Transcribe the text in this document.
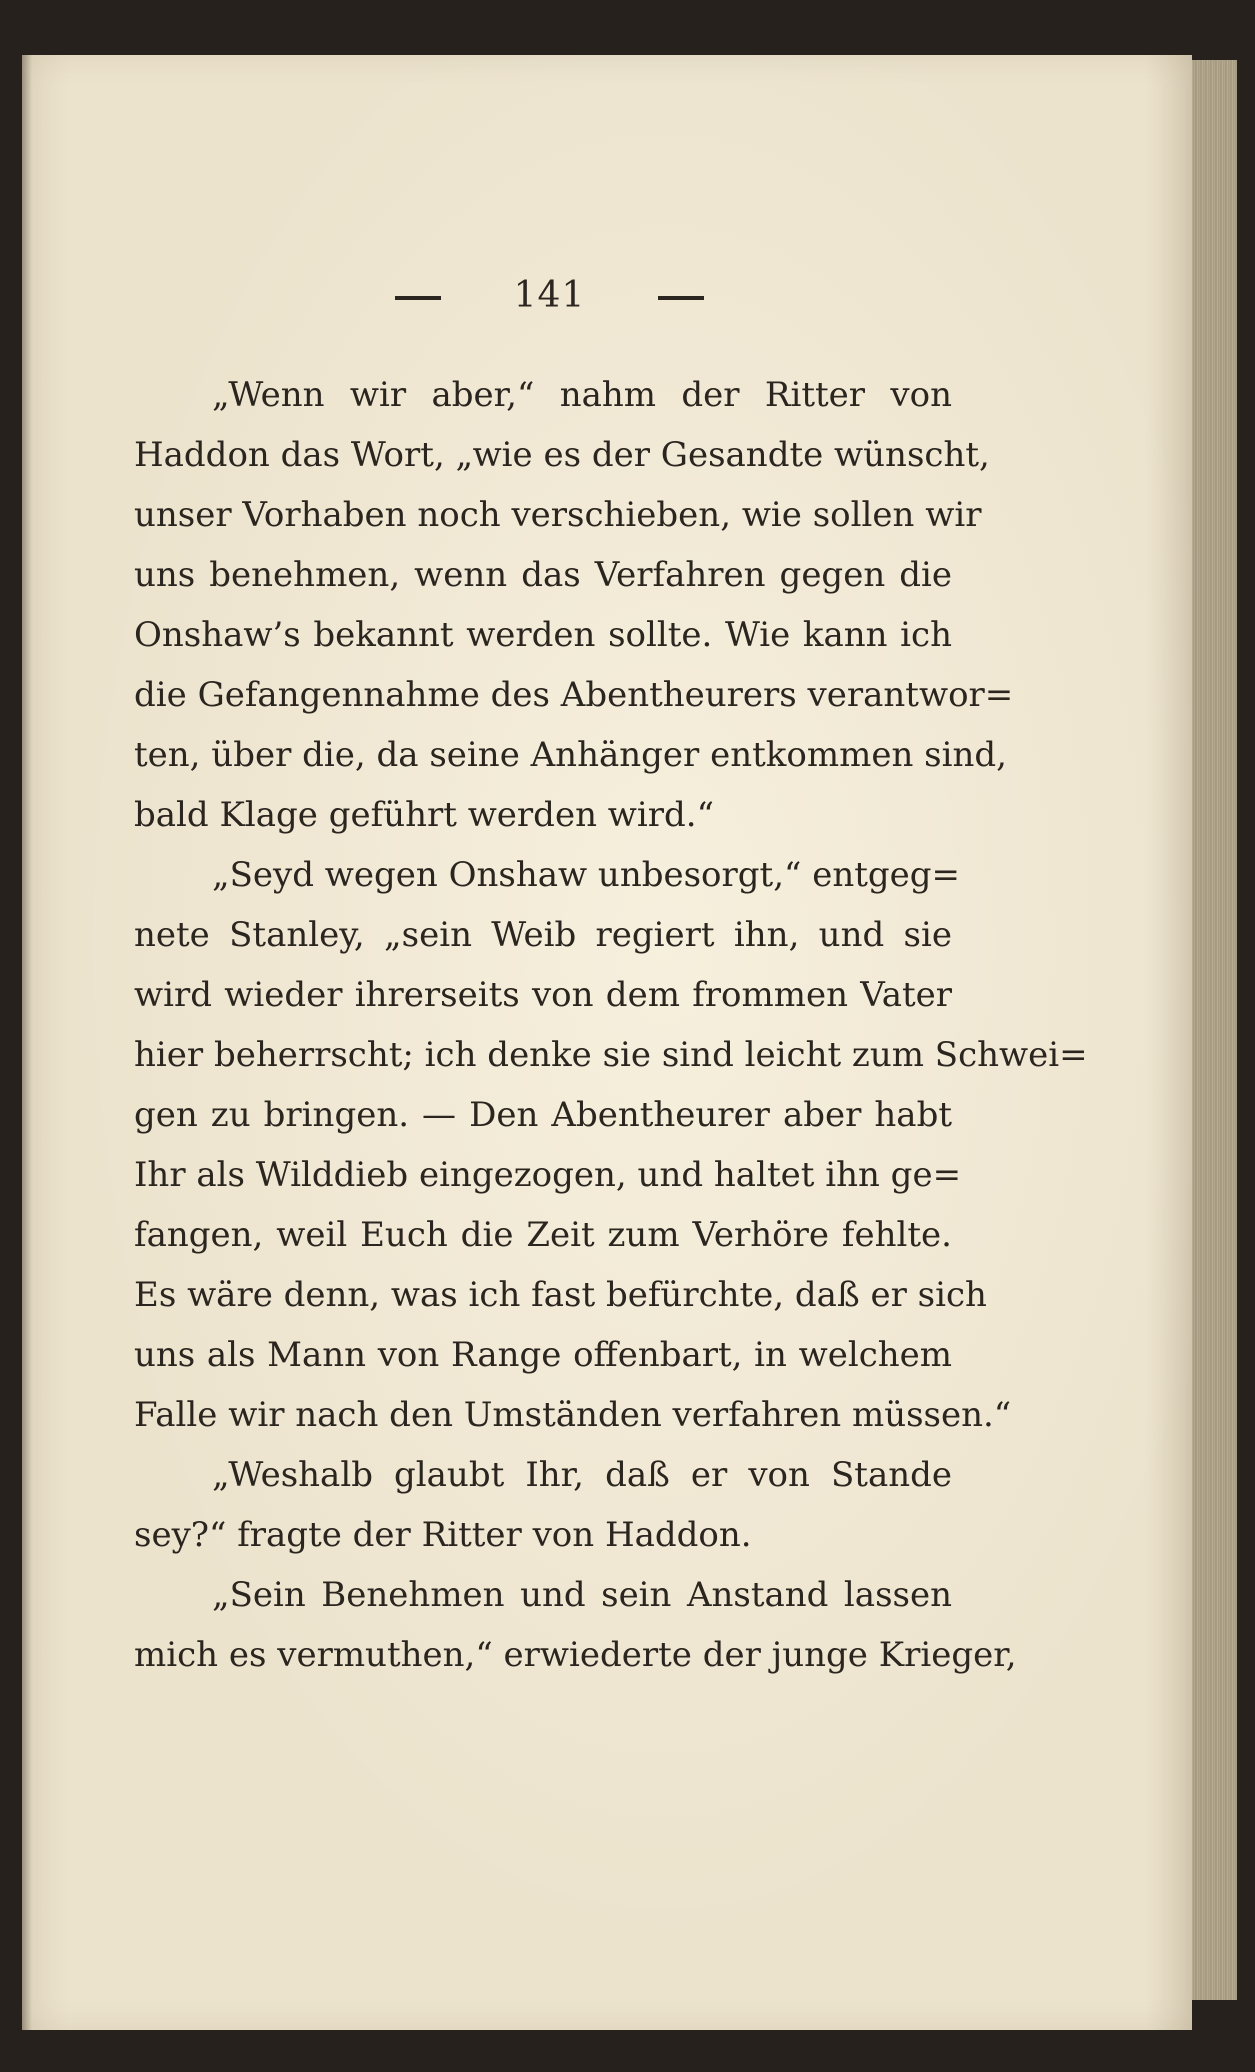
141
„Wenn wir aber,“ nahm der Ritter von
Haddon das Wort, „wie es der Gesandte wünscht,
unser Vorhaben noch verschieben, wie sollen wir
uns benehmen, wenn das Verfahren gegen die
Onshaw’s bekannt werden sollte. Wie kann ich
die Gefangennahme des Abentheurers verantwor=
ten, über die, da seine Anhänger entkommen sind,
bald Klage geführt werden wird.“
„Seyd wegen Onshaw unbesorgt,“ entgeg=
nete Stanley, „sein Weib regiert ihn, und sie
wird wieder ihrerseits von dem frommen Vater
hier beherrscht; ich denke sie sind leicht zum Schwei=
gen zu bringen. — Den Abentheurer aber habt
Ihr als Wilddieb eingezogen, und haltet ihn ge=
fangen, weil Euch die Zeit zum Verhöre fehlte.
Es wäre denn, was ich fast befürchte, daß er sich
uns als Mann von Range offenbart, in welchem
Falle wir nach den Umständen verfahren müssen.“
„Weshalb glaubt Ihr, daß er von Stande
sey?“ fragte der Ritter von Haddon.
„Sein Benehmen und sein Anstand lassen
mich es vermuthen,“ erwiederte der junge Krieger,
